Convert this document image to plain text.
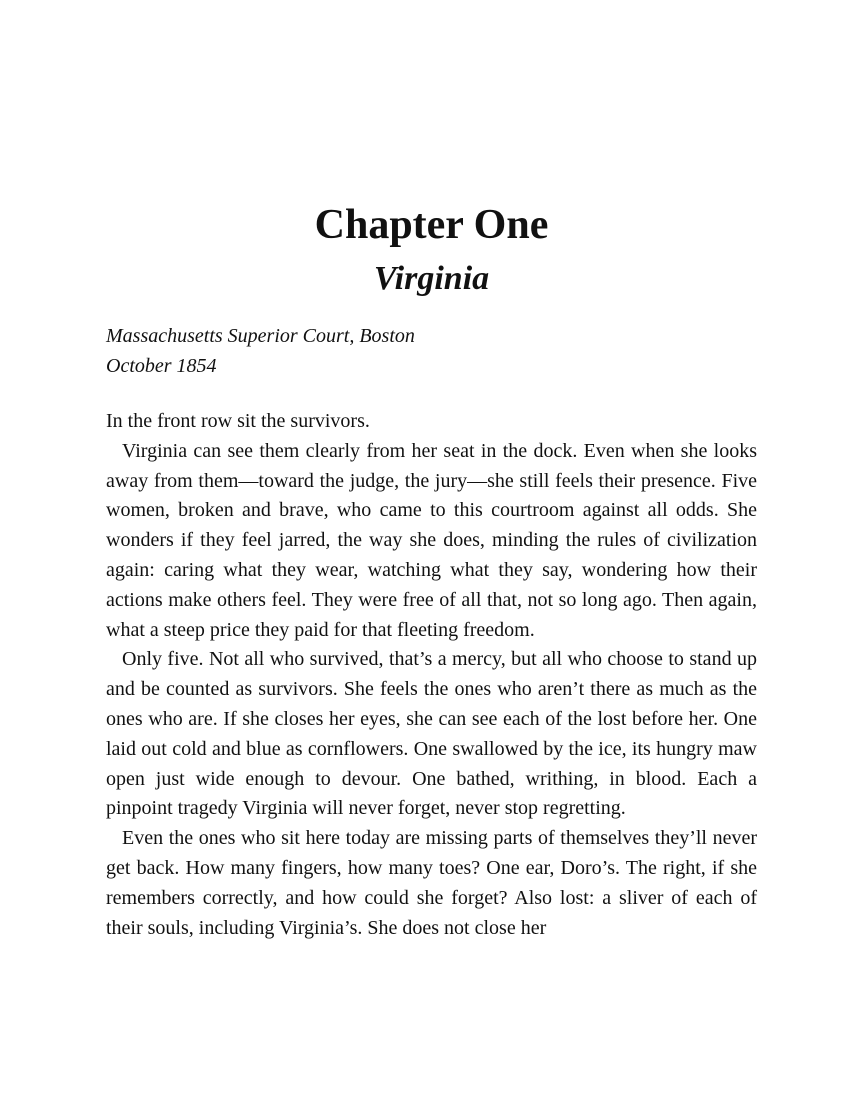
Chapter One
Virginia
Massachusetts Superior Court, Boston
October 1854

In the front row sit the survivors.

Virginia can see them clearly from her seat in the dock. Even when she looks away from them—toward the judge, the jury—she still feels their presence. Five women, broken and brave, who came to this courtroom against all odds. She wonders if they feel jarred, the way she does, minding the rules of civilization again: caring what they wear, watching what they say, wondering how their actions make others feel. They were free of all that, not so long ago. Then again, what a steep price they paid for that fleeting freedom.

Only five. Not all who survived, that’s a mercy, but all who choose to stand up and be counted as survivors. She feels the ones who aren’t there as much as the ones who are. If she closes her eyes, she can see each of the lost before her. One laid out cold and blue as cornflowers. One swallowed by the ice, its hungry maw open just wide enough to devour. One bathed, writhing, in blood. Each a pinpoint tragedy Virginia will never forget, never stop regretting.

Even the ones who sit here today are missing parts of themselves they’ll never get back. How many fingers, how many toes? One ear, Doro’s. The right, if she remembers correctly, and how could she forget? Also lost: a sliver of each of their souls, including Virginia’s. She does not close her
